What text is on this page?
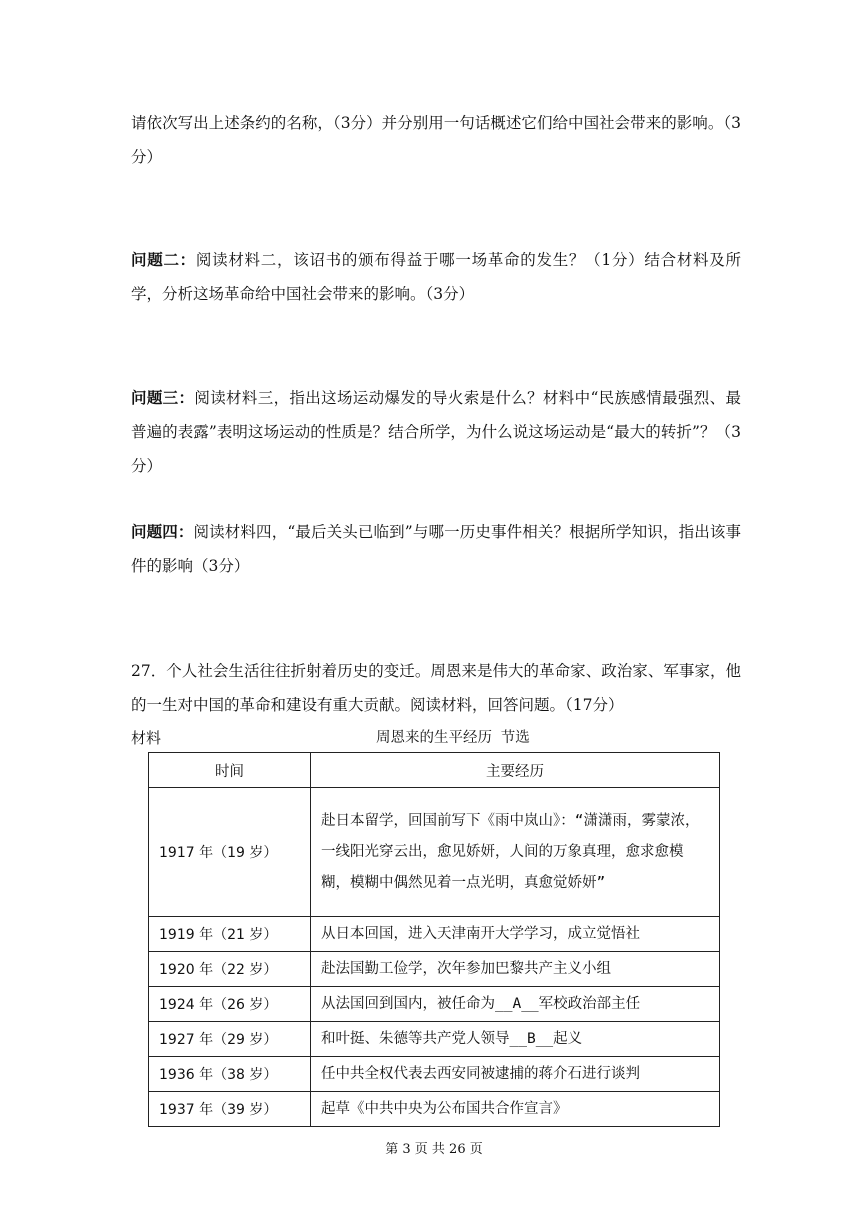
请依次写出上述条约的名称，（3分）并分别用一句话概述它们给中国社会带来的影响。（3分）

问题二：阅读材料二，该诏书的颁布得益于哪一场革命的发生？（1分）结合材料及所学，分析这场革命给中国社会带来的影响。（3分）

问题三：阅读材料三，指出这场运动爆发的导火索是什么？材料中“民族感情最强烈、最普遍的表露”表明这场运动的性质是？结合所学，为什么说这场运动是“最大的转折”？（3分）

问题四：阅读材料四，“最后关头已临到”与哪一历史事件相关？根据所学知识，指出该事件的影响（3分）

27．个人社会生活往往折射着历史的变迁。周恩来是伟大的革命家、政治家、军事家，他的一生对中国的革命和建设有重大贡献。阅读材料，回答问题。（17分）

材料	周恩来的生平经历 节选
时间	主要经历
1917 年（19 岁）	赴日本留学，回国前写下《雨中岚山》：“潇潇雨，雾蒙浓，一线阳光穿云出，愈见娇妍，人间的万象真理，愈求愈模糊，模糊中偶然见着一点光明，真愈觉娇妍”
1919 年（21 岁）	从日本回国，进入天津南开大学学习，成立觉悟社
1920 年（22 岁）	赴法国勤工俭学，次年参加巴黎共产主义小组
1924 年（26 岁）	从法国回到国内，被任命为__A__军校政治部主任
1927 年（29 岁）	和叶挺、朱德等共产党人领导__B__起义
1936 年（38 岁）	任中共全权代表去西安同被逮捕的蒋介石进行谈判
1937 年（39 岁）	起草《中共中央为公布国共合作宣言》
第 3 页 共 26 页
